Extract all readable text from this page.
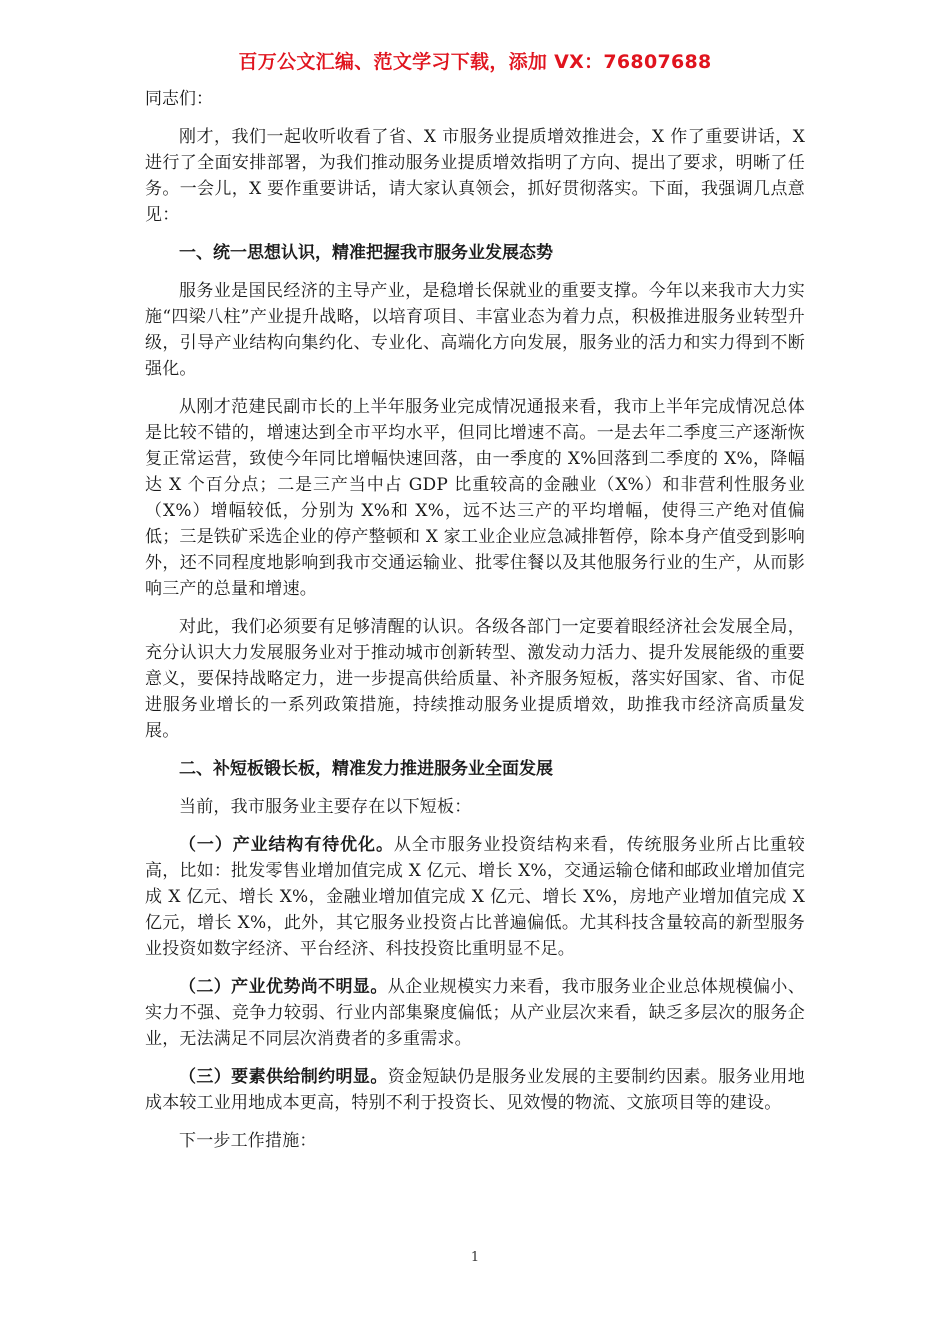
百万公文汇编、范文学习下载，添加 VX：76807688

同志们：

刚才，我们一起收听收看了省、X 市服务业提质增效推进会，X 作了重要讲话，X 进行了全面安排部署，为我们推动服务业提质增效指明了方向、提出了要求，明晰了任务。一会儿，X 要作重要讲话，请大家认真领会，抓好贯彻落实。下面，我强调几点意见：

一、统一思想认识，精准把握我市服务业发展态势

服务业是国民经济的主导产业，是稳增长保就业的重要支撑。今年以来我市大力实施“四梁八柱”产业提升战略，以培育项目、丰富业态为着力点，积极推进服务业转型升级，引导产业结构向集约化、专业化、高端化方向发展，服务业的活力和实力得到不断强化。

从刚才范建民副市长的上半年服务业完成情况通报来看，我市上半年完成情况总体是比较不错的，增速达到全市平均水平，但同比增速不高。一是去年二季度三产逐渐恢复正常运营，致使今年同比增幅快速回落，由一季度的 X%回落到二季度的 X%，降幅达 X 个百分点；二是三产当中占 GDP 比重较高的金融业（X%）和非营利性服务业（X%）增幅较低，分别为 X%和 X%，远不达三产的平均增幅，使得三产绝对值偏低；三是铁矿采选企业的停产整顿和 X 家工业企业应急减排暂停，除本身产值受到影响外，还不同程度地影响到我市交通运输业、批零住餐以及其他服务行业的生产，从而影响三产的总量和增速。

对此，我们必须要有足够清醒的认识。各级各部门一定要着眼经济社会发展全局，充分认识大力发展服务业对于推动城市创新转型、激发动力活力、提升发展能级的重要意义，要保持战略定力，进一步提高供给质量、补齐服务短板，落实好国家、省、市促进服务业增长的一系列政策措施，持续推动服务业提质增效，助推我市经济高质量发展。

二、补短板锻长板，精准发力推进服务业全面发展

当前，我市服务业主要存在以下短板：

（一）产业结构有待优化。从全市服务业投资结构来看，传统服务业所占比重较高，比如：批发零售业增加值完成 X 亿元、增长 X%，交通运输仓储和邮政业增加值完成 X 亿元、增长 X%，金融业增加值完成 X 亿元、增长 X%，房地产业增加值完成 X 亿元，增长 X%，此外，其它服务业投资占比普遍偏低。尤其科技含量较高的新型服务业投资如数字经济、平台经济、科技投资比重明显不足。

（二）产业优势尚不明显。从企业规模实力来看，我市服务业企业总体规模偏小、实力不强、竞争力较弱、行业内部集聚度偏低；从产业层次来看，缺乏多层次的服务企业，无法满足不同层次消费者的多重需求。

（三）要素供给制约明显。资金短缺仍是服务业发展的主要制约因素。服务业用地成本较工业用地成本更高，特别不利于投资长、见效慢的物流、文旅项目等的建设。

下一步工作措施：

1
